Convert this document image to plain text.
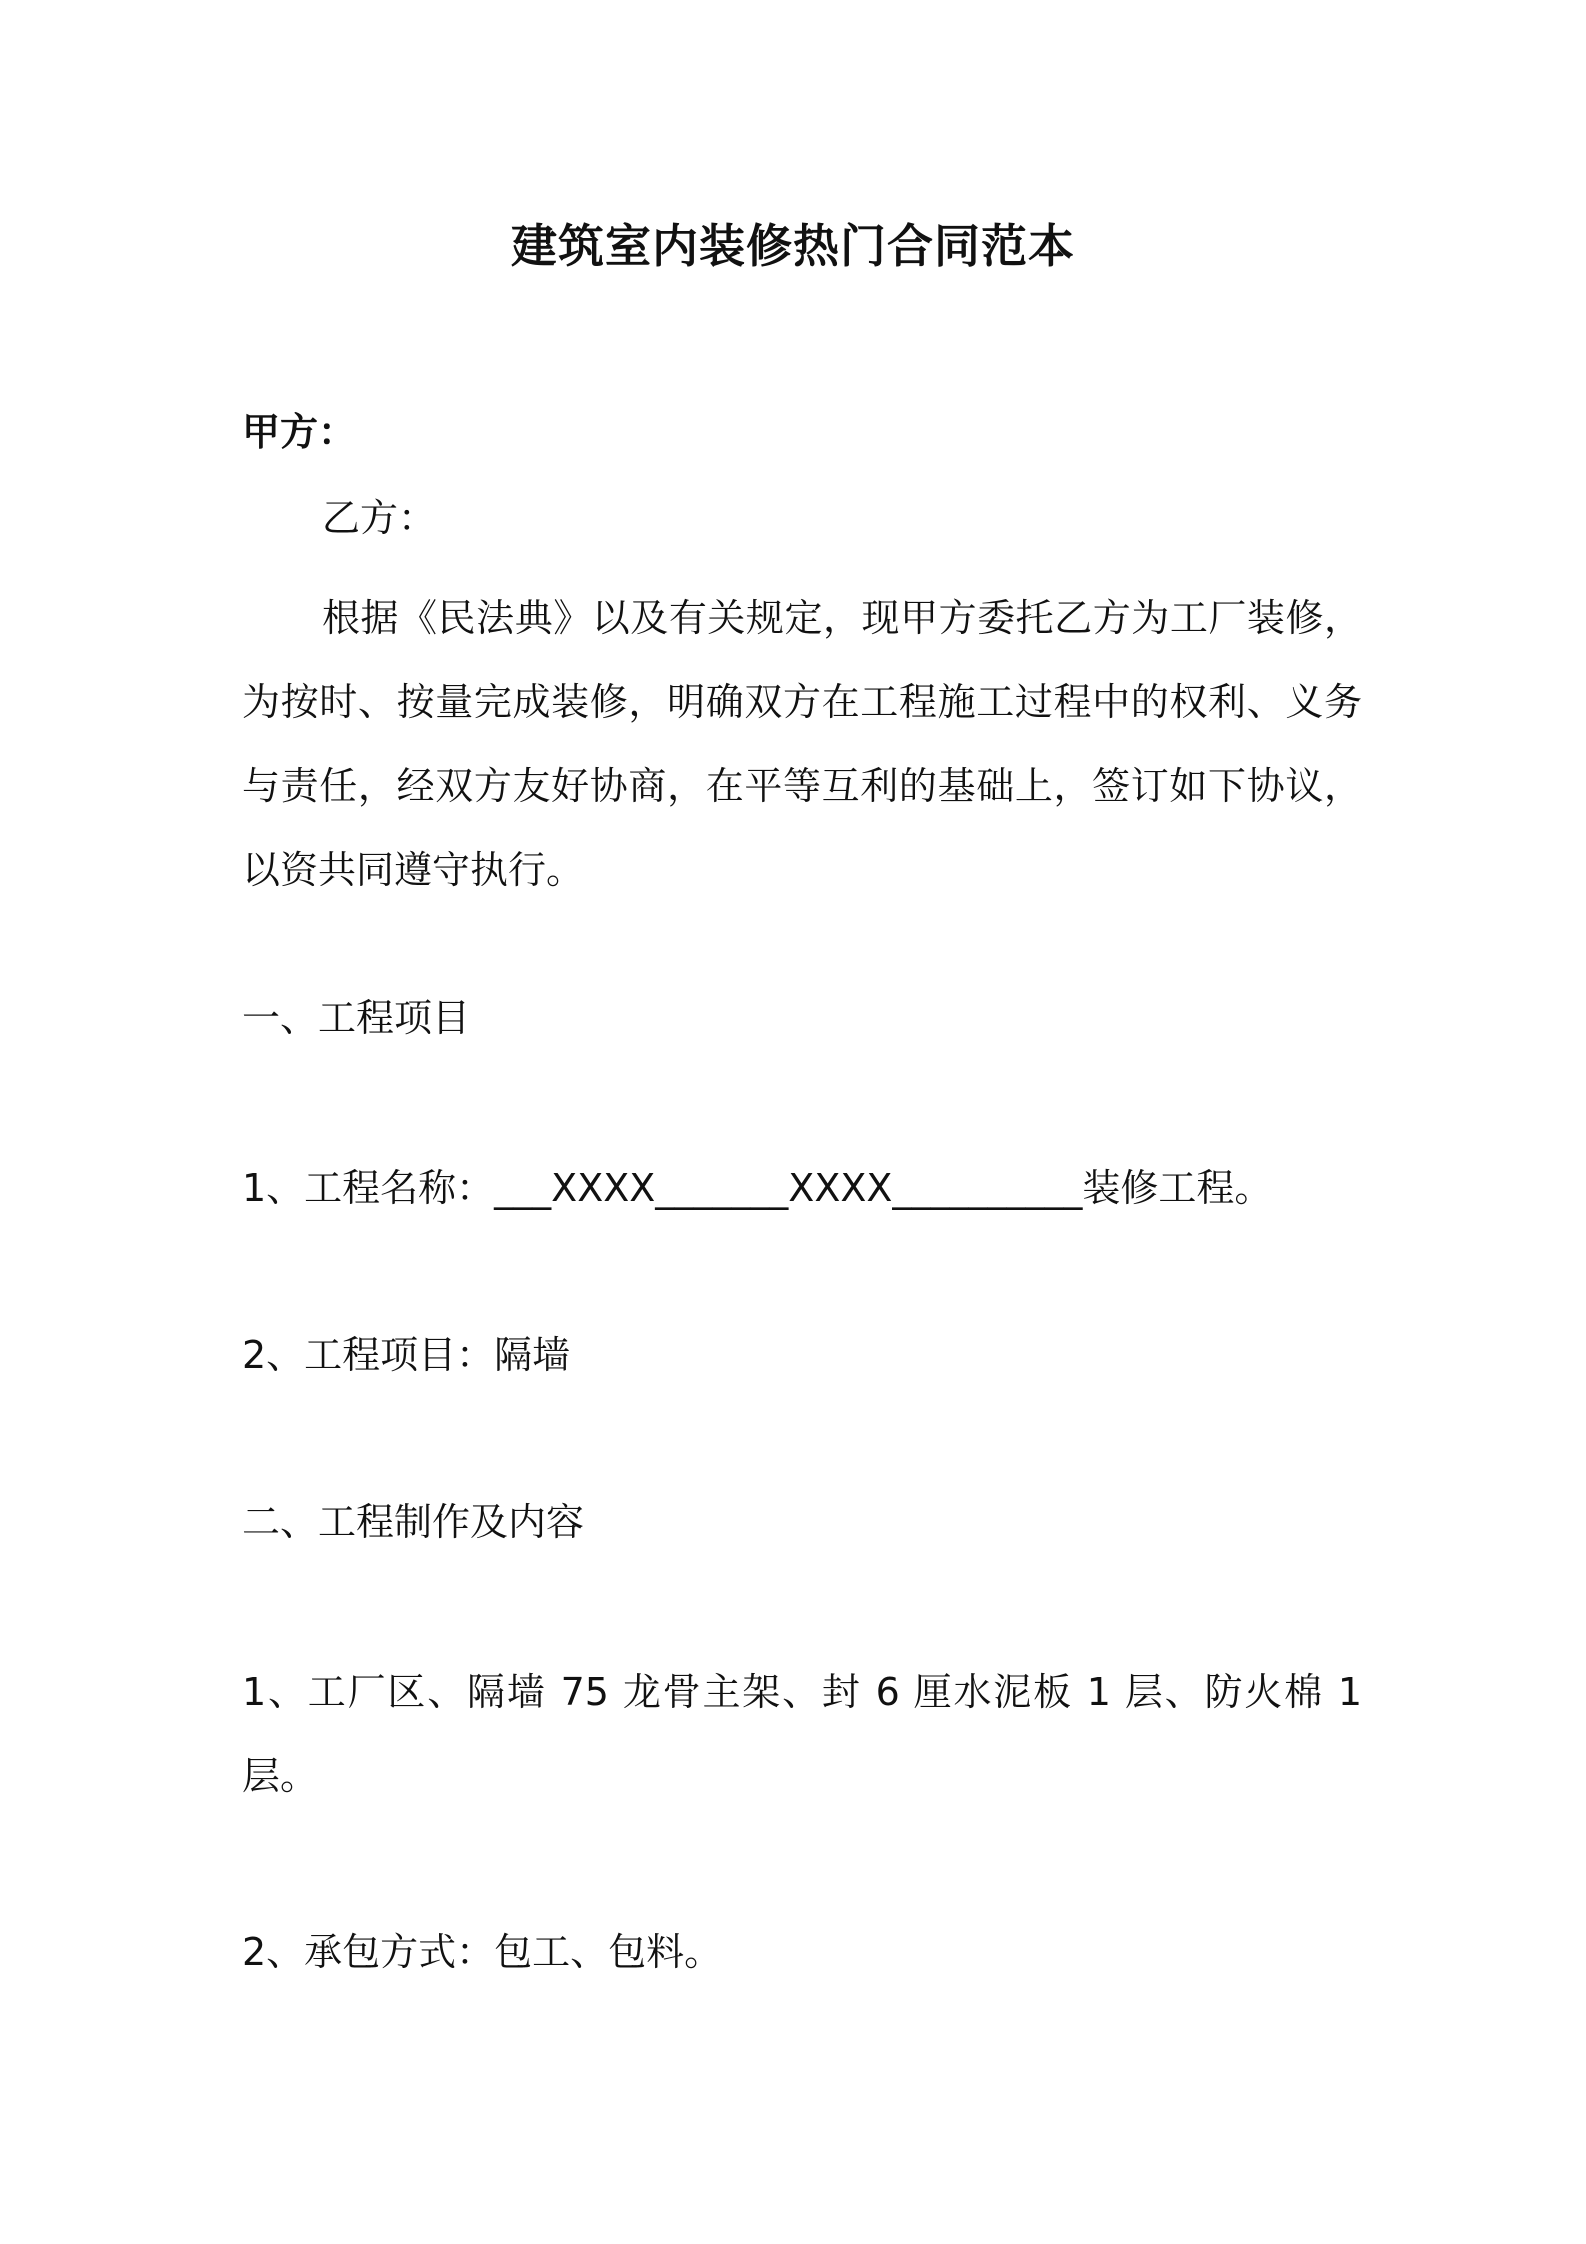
建筑室内装修热门合同范本
甲方：
乙方：
根据《民法典》以及有关规定，现甲方委托乙方为工厂装修，为按时、按量完成装修，明确双方在工程施工过程中的权利、义务与责任，经双方友好协商，在平等互利的基础上，签订如下协议，以资共同遵守执行。
一、工程项目
1、工程名称：___XXXX_______XXXX__________装修工程。
2、工程项目：隔墙
二、工程制作及内容
1、工厂区、隔墙 75 龙骨主架、封 6 厘水泥板 1 层、防火棉 1 层。
2、承包方式：包工、包料。
